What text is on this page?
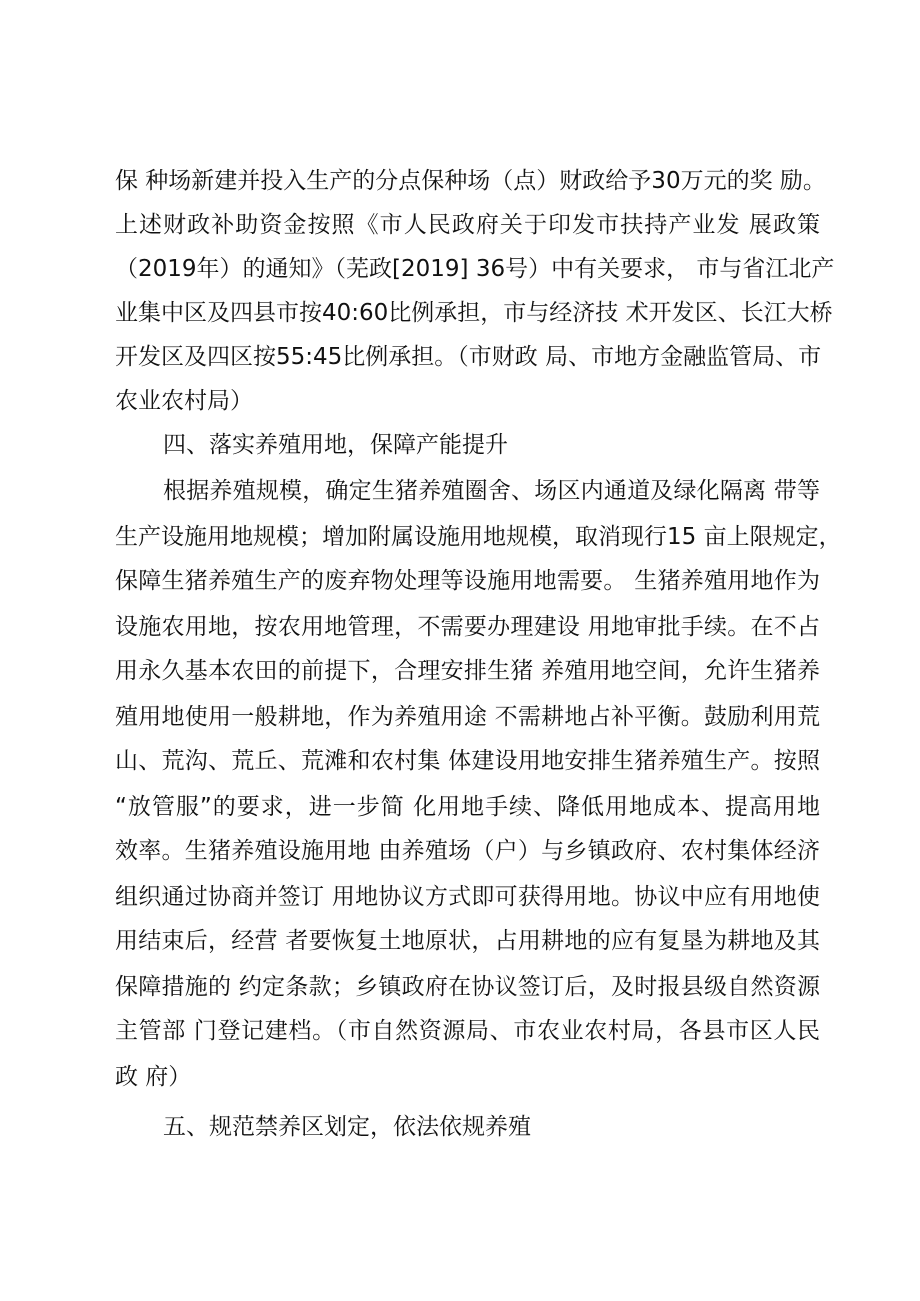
保 种场新建并投入生产的分点保种场（点）财政给予30万元的奖 励。
上述财政补助资金按照《市人民政府关于印发市扶持产业发 展政策
（2019年）的通知》（芜政[2019] 36号）中有关要求， 市与省江北产
业集中区及四县市按40:60比例承担，市与经济技 术开发区、长江大桥
开发区及四区按55:45比例承担。（市财政 局、市地方金融监管局、市
农业农村局）
四、落实养殖用地，保障产能提升
根据养殖规模，确定生猪养殖圈舍、场区内通道及绿化隔离 带等
生产设施用地规模；增加附属设施用地规模，取消现行15 亩上限规定，
保障生猪养殖生产的废弃物处理等设施用地需要。 生猪养殖用地作为
设施农用地，按农用地管理，不需要办理建设 用地审批手续。在不占
用永久基本农田的前提下，合理安排生猪 养殖用地空间，允许生猪养
殖用地使用一般耕地，作为养殖用途 不需耕地占补平衡。鼓励利用荒
山、荒沟、荒丘、荒滩和农村集 体建设用地安排生猪养殖生产。按照
“放管服”的要求，进一步简 化用地手续、降低用地成本、提高用地
效率。生猪养殖设施用地 由养殖场（户）与乡镇政府、农村集体经济
组织通过协商并签订 用地协议方式即可获得用地。协议中应有用地使
用结束后，经营 者要恢复土地原状，占用耕地的应有复垦为耕地及其
保障措施的 约定条款；乡镇政府在协议签订后，及时报县级自然资源
主管部 门登记建档。（市自然资源局、市农业农村局，各县市区人民
政 府）
五、规范禁养区划定，依法依规养殖
